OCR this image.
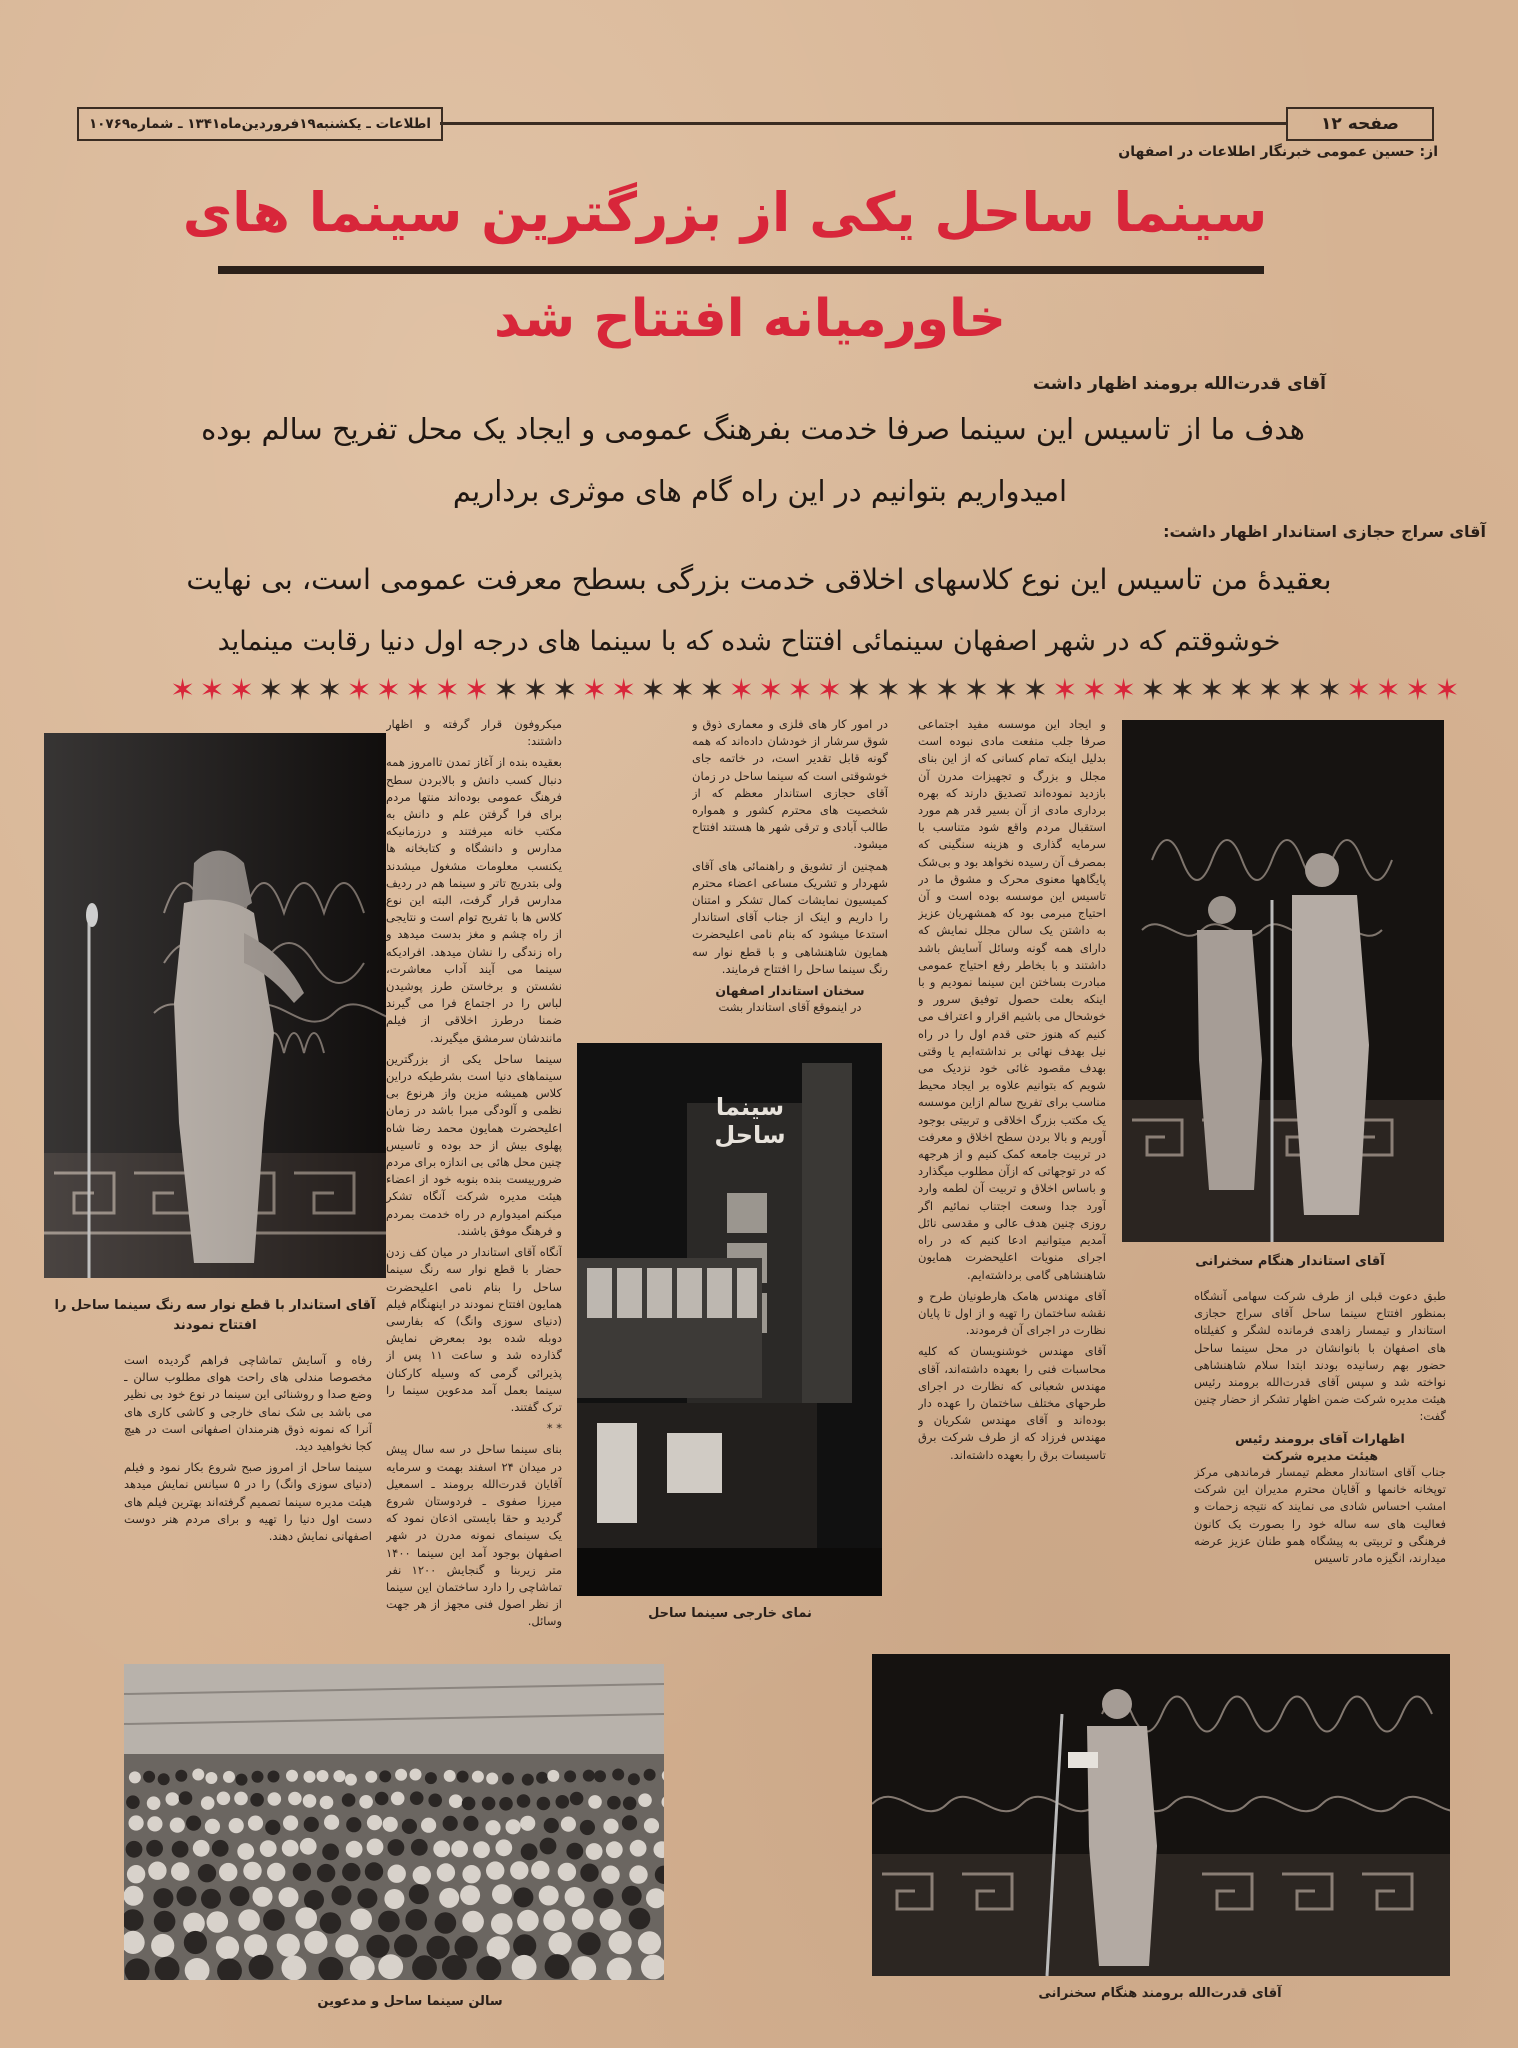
صفحه ۱۲
اطلاعات ـ یکشنبه۱۹فروردین‌ماه۱۳۴۱ ـ شماره۱۰۷۶۹
از: حسین عمومی خبرنگار اطلاعات در اصفهان
سینما ساحل یکی از بزرگترین سینما های
خاورمیانه افتتاح شد
آقای قدرت‌الله برومند اظهار داشت
هدف ما از تاسیس این سینما صرفا خدمت بفرهنگ عمومی و ایجاد یک محل تفریح سالم بوده
امیدواریم بتوانیم در این راه گام های موثری برداریم
آقای سراج حجازی استاندار اظهار داشت:
بعقیدهٔ من تاسیس این نوع کلاسهای اخلاقی خدمت بزرگی بسطح معرفت عمومی است، بی نهایت
خوشوقتم که در شهر اصفهان سینمائی افتتاح شده که با سینما های درجه اول دنیا رقابت مینماید
✶ ✶ ✶ ✶ ✶ ✶ ✶ ✶ ✶ ✶ ✶ ✶ ✶ ✶ ✶ ✶ ✶ ✶ ✶ ✶ ✶ ✶ ✶ ✶ ✶ ✶ ✶ ✶ ✶ ✶ ✶ ✶ ✶ ✶ ✶ ✶ ✶ ✶ ✶ ✶ ✶ ✶ ✶ ✶
آقای استاندار با قطع نوار سه رنگ سینما ساحل را افتتاح نمودند
آقای استاندار هنگام سخنرانی
سینما ساحل
نمای خارجی سینما ساحل
سالن سینما ساحل و مدعوین
آقای قدرت‌الله برومند هنگام سخنرانی

و ایجاد این موسسه مفید اجتماعی صرفا جلب منفعت مادی نبوده است بدلیل اینکه تمام کسانی که از این بنای مجلل و بزرگ و تجهیزات مدرن آن بازدید نموده‌اند تصدیق دارند که بهره برداری مادی از آن بسیر قدر هم مورد استقبال مردم واقع شود متناسب با سرمایه گذاری و هزینه سنگینی که بمصرف آن رسیده نخواهد بود و بی‌شک پایگاهها معنوی محرک و مشوق ما در تاسیس این موسسه بوده است و آن احتیاج مبرمی بود که همشهریان عزیز به داشتن یک سالن مجلل نمایش که دارای همه گونه وسائل آسایش باشد داشتند و با بخاطر رفع احتیاج عمومی مبادرت بساختن این سینما نمودیم و با اینکه بعلت حصول توفیق سرور و خوشحال می باشیم اقرار و اعتراف می کنیم که هنوز حتی قدم اول را در راه نیل بهدف نهائی بر نداشته‌ایم یا وقتی بهدف مقصود غائی خود نزدیک می شویم که بتوانیم علاوه بر ایجاد محیط مناسب برای تفریح سالم ازاین موسسه یک مکتب بزرگ اخلاقی و تربیتی بوجود آوریم و بالا بردن سطح اخلاق و معرفت در تربیت جامعه کمک کنیم و از هرجهه که در توجهاتی که ازآن مطلوب میگذارد و باساس اخلاق و تربیت آن لطمه وارد آورد جدا وسعت اجتناب نمائیم اگر روزی چنین هدف عالی و مقدسی نائل آمدیم میتوانیم ادعا کنیم که در راه اجرای منویات اعلیحضرت همایون شاهنشاهی گامی برداشته‌ایم.

آقای مهندس هامک هارطونیان طرح و نقشه ساختمان را تهیه و از اول تا پایان نظارت در اجرای آن فرمودند.

آقای مهندس خوشنویسان که کلیه محاسبات فنی را بعهده داشته‌اند، آقای مهندس شعبانی که نظارت در اجرای طرحهای مختلف ساختمان را عهده دار بوده‌اند و آقای مهندس شکریان و مهندس فرزاد که از طرف شرکت برق تاسیسات برق را بعهده داشته‌اند.

در امور کار های فلزی و معماری ذوق و شوق سرشار از خودشان داده‌اند که همه گونه قابل تقدیر است، در خاتمه جای خوشوقتی است که سینما ساحل در زمان آقای حجازی استاندار معظم که از شخصیت های محترم کشور و همواره طالب آبادی و ترقی شهر ها هستند افتتاح میشود.

همچنین از تشویق و راهنمائی های آقای شهردار و تشریک مساعی اعضاء محترم کمیسیون نمایشات کمال تشکر و امتنان را داریم و اینک از جناب آقای استاندار استدعا میشود که بنام نامی اعلیحضرت همایون شاهنشاهی و با قطع نوار سه رنگ سینما ساحل را افتتاح فرمایند.

سخنان استاندار اصفهان
در اینموقع آقای استاندار بشت

میکروفون قرار گرفته و اظهار داشتند:

بعقیده بنده از آغاز تمدن تاامروز همه دنبال کسب دانش و بالابردن سطح فرهنگ عمومی بوده‌اند منتها مردم برای فرا گرفتن علم و دانش به مکتب خانه میرفتند و درزمانیکه مدارس و دانشگاه و کتابخانه ها یکنسب معلومات مشغول میشدند ولی بتدریج تاتر و سینما هم در ردیف مدارس قرار گرفت، البته این نوع کلاس ها با تفریح توام است و نتایجی از راه چشم و مغز بدست میدهد و راه زندگی را نشان میدهد. افرادیکه سینما می آیند آداب معاشرت، نشستن و برخاستن طرز پوشیدن لباس را در اجتماع فرا می گیرند ضمنا درطرز اخلاقی از فیلم مانندشان سرمشق میگیرند.

سینما ساحل یکی از بزرگترین سینماهای دنیا است بشرطیکه دراین کلاس همیشه مزین واز هرنوع بی نظمی و آلودگی مبرا باشد در زمان اعلیحضرت همایون محمد رضا شاه پهلوی بیش از حد بوده و تاسیس چنین محل هائی بی اندازه برای مردم ضرورییست بنده بنوبه خود از اعضاء هیئت مدیره شرکت آنگاه تشکر میکنم امیدوارم در راه خدمت بمردم و فرهنگ موفق باشند.

آنگاه آقای استاندار در میان کف زدن حضار با قطع نوار سه رنگ سینما ساحل را بنام نامی اعلیحضرت همایون افتتاح نمودند در اینهنگام فیلم (دنیای سوزی وانگ) که بفارسی دوبله شده بود بمعرض نمایش گذارده شد و ساعت ۱۱ پس از پذیرائی گرمی که وسیله کارکنان سینما بعمل آمد مدعوین سینما را ترک گفتند.

* *

بنای سینما ساحل در سه سال پیش در میدان ۲۴ اسفند بهمت و سرمایه آقایان قدرت‌الله برومند ـ اسمعیل میرزا صفوی ـ فردوستان شروع گردید و حقا بایستی اذعان نمود که یک سینمای نمونه مدرن در شهر اصفهان بوجود آمد این سینما ۱۴۰۰ متر زیربنا و گنجایش ۱۲۰۰ نفر تماشاچی را دارد ساختمان این سینما از نظر اصول فنی مجهز از هر جهت وسائل.

رفاه و آسایش تماشاچی فراهم گردیده است مخصوصا مندلی های راحت هوای مطلوب سالن ـ وضع صدا و روشنائی این سینما در نوع خود بی نظیر می باشد بی شک نمای خارجی و کاشی کاری های آنرا که نمونه ذوق هنرمندان اصفهانی است در هیچ کجا نخواهید دید.

سینما ساحل از امروز صبح شروع بکار نمود و فیلم (دنیای سوزی وانگ) را در ۵ سیانس نمایش میدهد هیئت مدیره سینما تصمیم گرفته‌اند بهترین فیلم های دست اول دنیا را تهیه و برای مردم هنر دوست اصفهانی نمایش دهند.

طبق دعوت قبلی از طرف شرکت سهامی آنشگاه بمنظور افتتاح سینما ساحل آقای سراج حجازی استاندار و تیمسار زاهدی فرمانده لشگر و کفیلتاه های اصفهان با بانوانشان در محل سینما ساحل حضور بهم رسانیده بودند ابتدا سلام شاهنشاهی نواخته شد و سپس آقای قدرت‌الله برومند رئیس هیئت مدیره شرکت ضمن اظهار تشکر از حضار چنین گفت:

اظهارات آقای برومند رئیس
هیئت مدیره شرکت

جناب آقای استاندار معظم تیمسار فرماندهی مرکز توپخانه خانمها و آقایان محترم مدیران این شرکت امشب احساس شادی می نمایند که نتیجه زحمات و فعالیت های سه ساله خود را بصورت یک کانون فرهنگی و تربیتی به پیشگاه همو طنان عزیز عرضه میدارند، انگیزه مادر تاسیس
